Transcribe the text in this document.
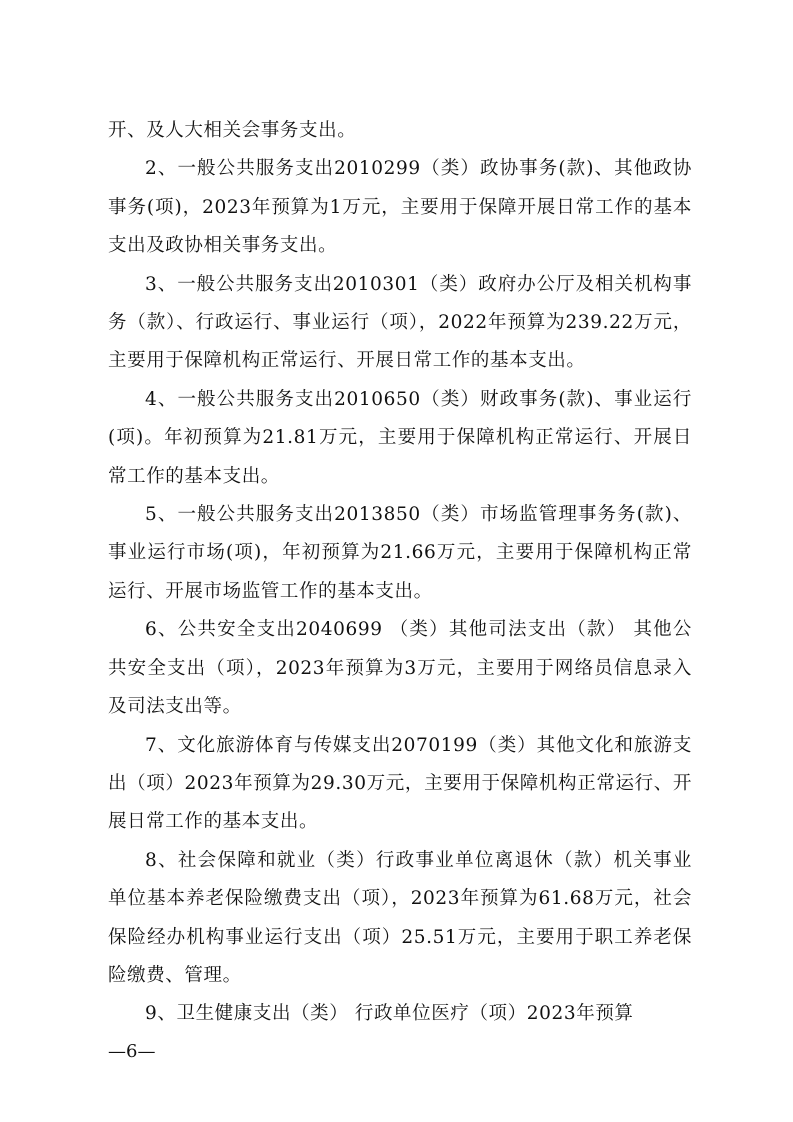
开、及人大相关会事务支出。

2、一般公共服务支出2010299（类）政协事务(款)、其他政协事务(项)，2023年预算为1万元，主要用于保障开展日常工作的基本支出及政协相关事务支出。

3、一般公共服务支出2010301（类）政府办公厅及相关机构事务（款）、行政运行、事业运行（项），2022年预算为239.22万元，主要用于保障机构正常运行、开展日常工作的基本支出。

4、一般公共服务支出2010650（类）财政事务(款)、事业运行(项)。年初预算为21.81万元，主要用于保障机构正常运行、开展日常工作的基本支出。

5、一般公共服务支出2013850（类）市场监管理事务务(款)、事业运行市场(项)，年初预算为21.66万元，主要用于保障机构正常运行、开展市场监管工作的基本支出。

6、公共安全支出2040699 （类）其他司法支出（款） 其他公共安全支出（项），2023年预算为3万元，主要用于网络员信息录入及司法支出等。

7、文化旅游体育与传媒支出2070199（类）其他文化和旅游支出（项）2023年预算为29.30万元，主要用于保障机构正常运行、开展日常工作的基本支出。

8、社会保障和就业（类）行政事业单位离退休（款）机关事业单位基本养老保险缴费支出（项），2023年预算为61.68万元，社会保险经办机构事业运行支出（项）25.51万元，主要用于职工养老保险缴费、管理。

9、卫生健康支出（类） 行政单位医疗（项）2023年预算

—6—
